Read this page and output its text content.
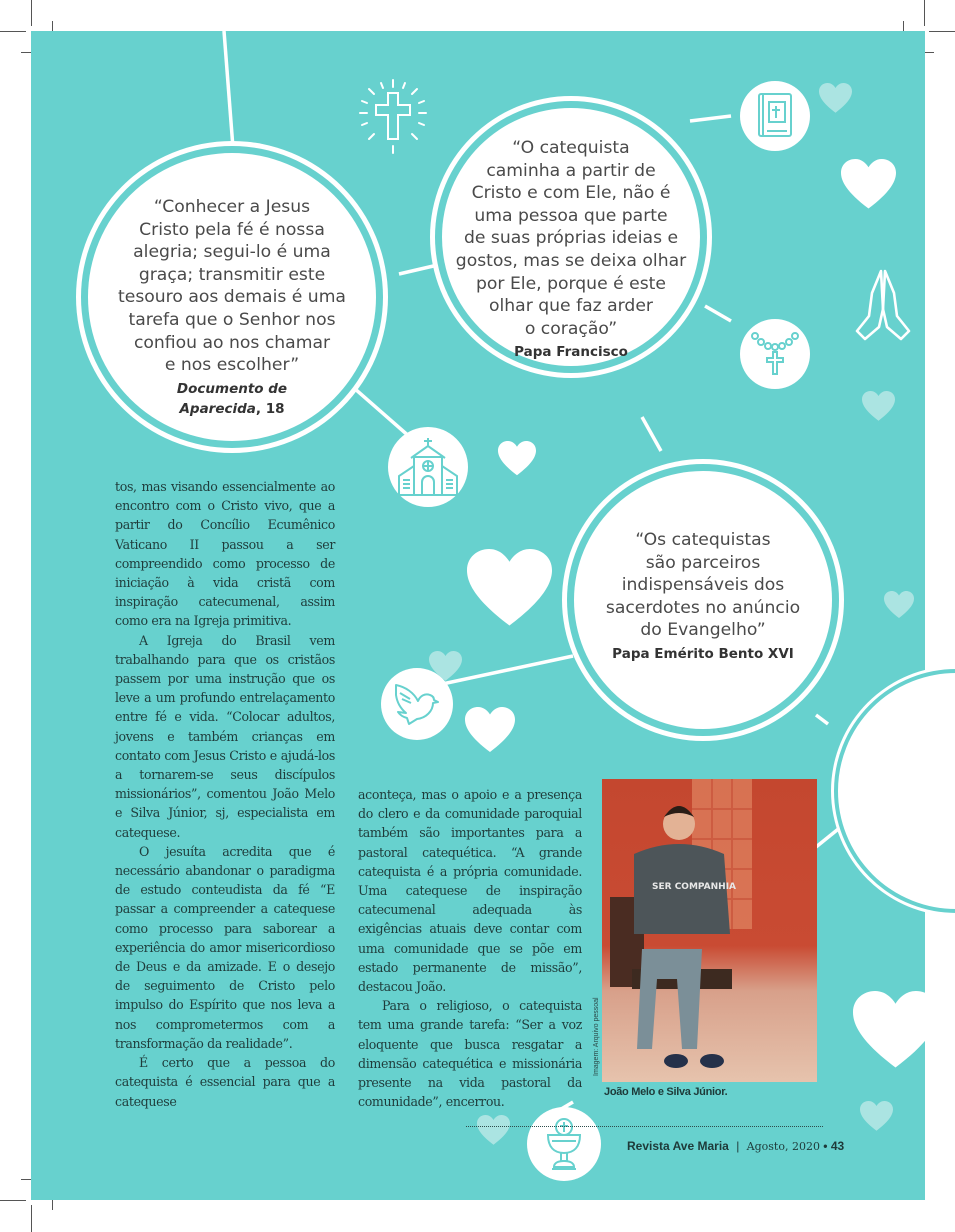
“Conhecer a Jesus
Cristo pela fé é nossa
alegria; segui-lo é uma
graça; transmitir este
tesouro aos demais é uma
tarefa que o Senhor nos
confiou ao nos chamar
e nos escolher”
Documento de
Aparecida, 18
“O catequista
caminha a partir de
Cristo e com Ele, não é
uma pessoa que parte
de suas próprias ideias e
gostos, mas se deixa olhar
por Ele, porque é este
olhar que faz arder
o coração”
Papa Francisco
“Os catequistas
são parceiros
indispensáveis dos
sacerdotes no anúncio
do Evangelho”
Papa Emérito Bento XVI

tos, mas visando essencialmente ao encontro com o Cristo vivo, que a partir do Concílio Ecumênico Vaticano II passou a ser compreendido como processo de iniciação à vida cristã com inspiração catecumenal, assim como era na Igreja primitiva.

A Igreja do Brasil vem trabalhando para que os cristãos passem por uma instrução que os leve a um profundo entrelaçamento entre fé e vida. “Colocar adultos, jovens e também crianças em contato com Jesus Cristo e ajudá-los a tornarem-se seus discípulos missionários”, comentou João Melo e Silva Júnior, sj, especialista em catequese.

O jesuíta acredita que é necessário abandonar o paradigma de estudo conteudista da fé “E passar a compreender a catequese como processo para saborear a experiência do amor misericordioso de Deus e da amizade. E o desejo de seguimento de Cristo pelo impulso do Espírito que nos leva a nos comprometermos com a transformação da realidade”.

É certo que a pessoa do catequista é essencial para que a catequese

aconteça, mas o apoio e a presença do clero e da comunidade paroquial também são importantes para a pastoral catequética. “A grande catequista é a própria comunidade. Uma catequese de inspiração catecumenal adequada às exigências atuais deve contar com uma comunidade que se põe em estado permanente de missão”, destacou João.

Para o religioso, o catequista tem uma grande tarefa: “Ser a voz eloquente que busca resgatar a dimensão catequética e missionária presente na vida pastoral da comunidade”, encerrou.

SER COMPANHIA
Imagem: Arquivo pessoal
João Melo e Silva Júnior.
Revista Ave Maria | Agosto, 2020 • 43
